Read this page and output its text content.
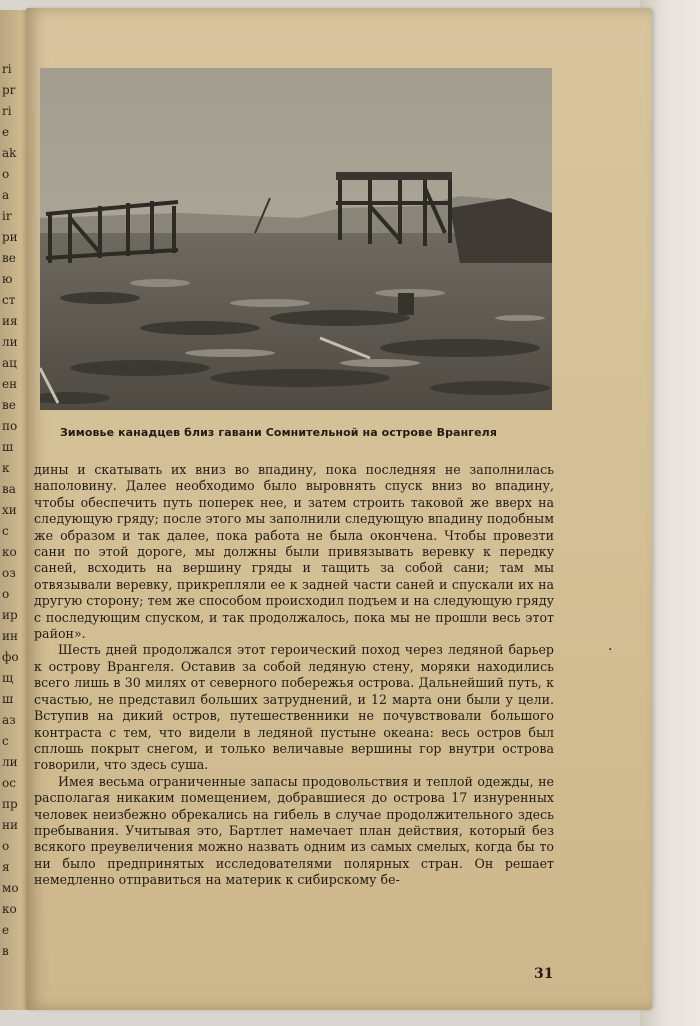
ri
pr
ri
e
ak
o
a
ir
ри
ве
ю
ст
ия
ли
ац
ен
ве
по
ш
к
ва
хи
с
ко
оз
о
ир
ин
фо
щ
ш
аз
с
ли
ос
пр
ни
о
я
мо
ко
е
в
Зимовье канадцев близ гавани Сомнительной на острове Врангеля

дины и скатывать их вниз во впадину, пока последняя не заполнилась наполовину. Далее необходимо было выровнять спуск вниз во впадину, чтобы обеспечить путь поперек нее, и затем строить таковой же вверх на следующую гряду; после этого мы заполнили следующую впадину подобным же образом и так далее, пока работа не была окончена. Чтобы провезти сани по этой дороге, мы должны были привязывать веревку к передку саней, всходить на вершину гряды и тащить за собой сани; там мы отвязывали веревку, прикрепляли ее к задней части саней и спускали их на другую сторону; тем же способом происходил подъем и на следующую гряду с последующим спуском, и так продолжалось, пока мы не прошли весь этот район».

Шесть дней продолжался этот героический поход через ледяной барьер к острову Врангеля. Оставив за собой ледяную стену, моряки находились всего лишь в 30 милях от северного побережья острова. Дальнейший путь, к счастью, не представил больших затруднений, и 12 марта они были у цели. Вступив на дикий остров, путешественники не почувствовали большого контраста с тем, что видели в ледяной пустыне океана: весь остров был сплошь покрыт снегом, и только величавые вершины гор внутри острова говорили, что здесь суша.

Имея весьма ограниченные запасы продовольствия и теплой одежды, не располагая никаким помещением, добравшиеся до острова 17 изнуренных человек неизбежно обрекались на гибель в случае продолжительного здесь пребывания. Учитывая это, Бартлет намечает план действия, который без всякого преувеличения можно назвать одним из самых смелых, когда бы то ни было предпринятых исследователями полярных стран. Он решает немедленно отправиться на материк к сибирскому бе-

·
31
